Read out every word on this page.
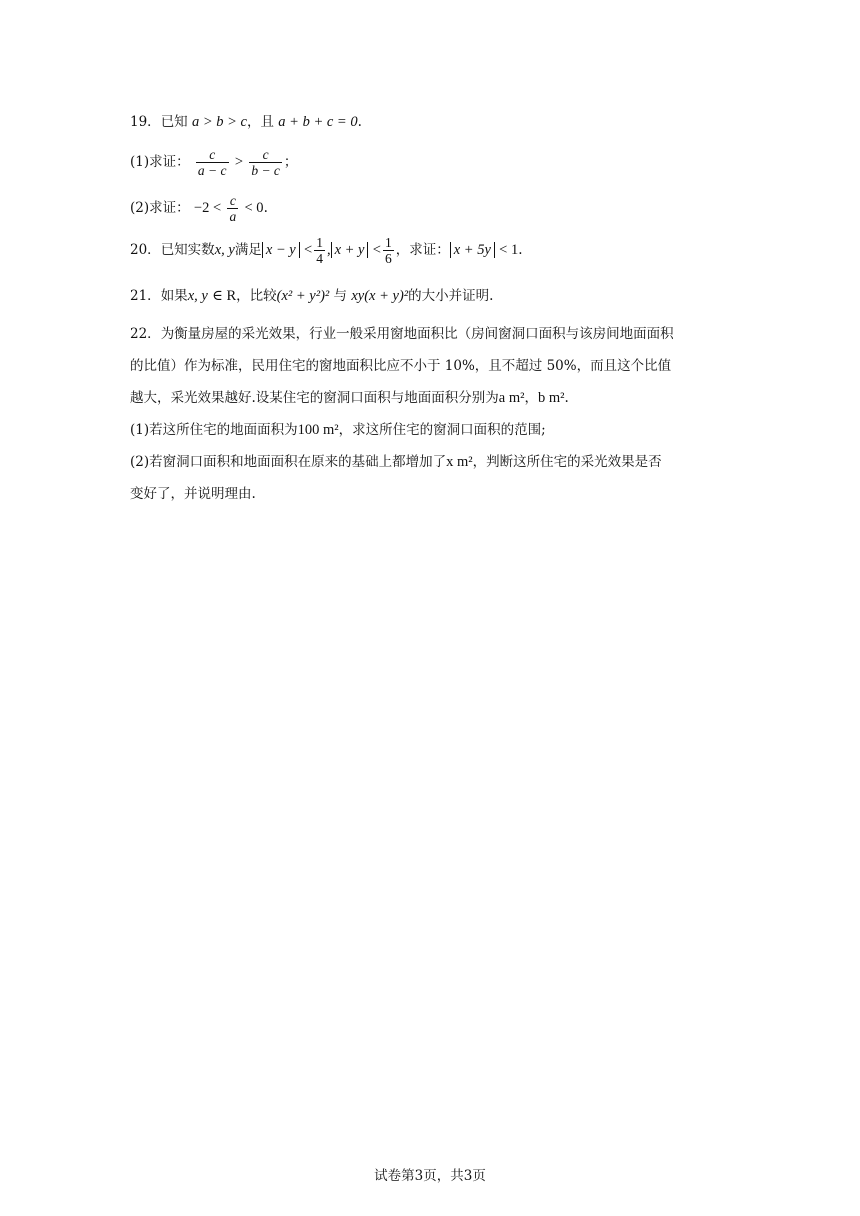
19．已知 a > b > c，且 a + b + c = 0.
(1)求证： $\frac{c}{a - c} > \frac{c}{b - c}$ ；
(2)求证： $-2 < \frac{c}{a} < 0$.
20．已知实数x, y满足 $x - y < \frac{1}{4}$ , $x + y < \frac{1}{6}$ ，求证： x + 5y < 1.
21．如果x, y ∈ R，比较(x² + y²)² 与 xy(x + y)²的大小并证明.
22．为衡量房屋的采光效果，行业一般采用窗地面积比（房间窗洞口面积与该房间地面面积
的比值）作为标准，民用住宅的窗地面积比应不小于 10%，且不超过 50%，而且这个比值
越大，采光效果越好.设某住宅的窗洞口面积与地面面积分别为a m²，b m².
(1)若这所住宅的地面面积为100 m²，求这所住宅的窗洞口面积的范围;
(2)若窗洞口面积和地面面积在原来的基础上都增加了x m²，判断这所住宅的采光效果是否
变好了，并说明理由.
试卷第3页，共3页
